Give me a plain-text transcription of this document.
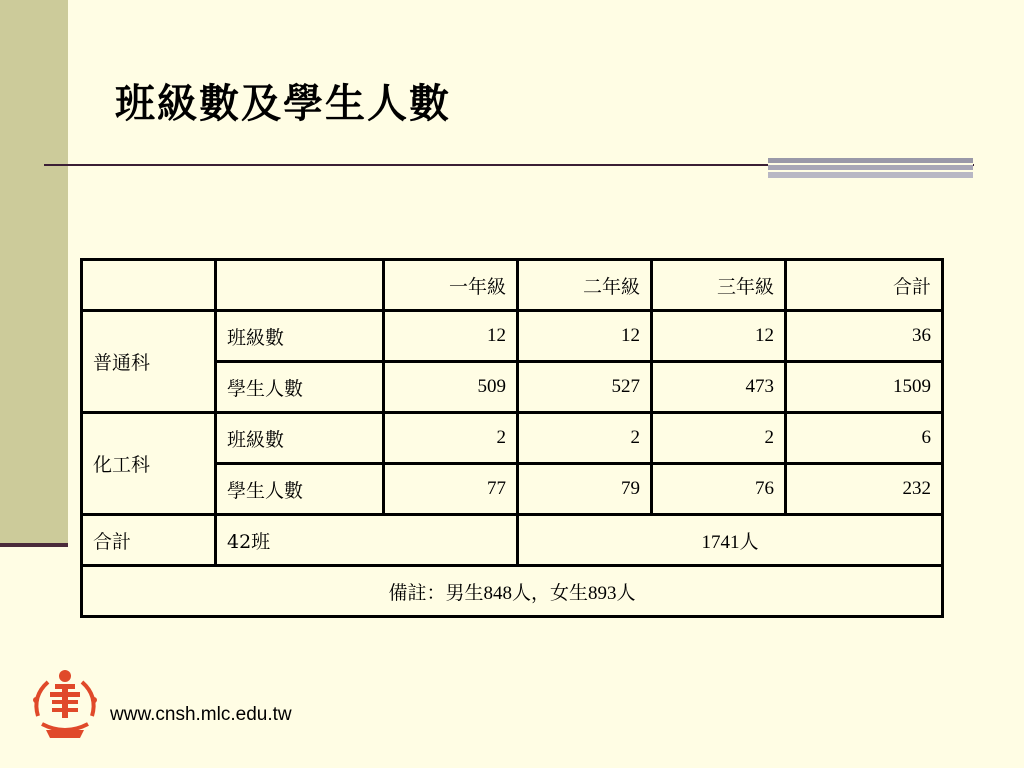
班級數及學生人數
		一年級	二年級	三年級	合計
普通科	班級數	12	12	12	36
	學生人數	509	527	473	1509
化工科	班級數	2	2	2	6
	學生人數	77	79	76	232
合計	42班		1741人		
備註：男生848人，女生893人					
www.cnsh.mlc.edu.tw
